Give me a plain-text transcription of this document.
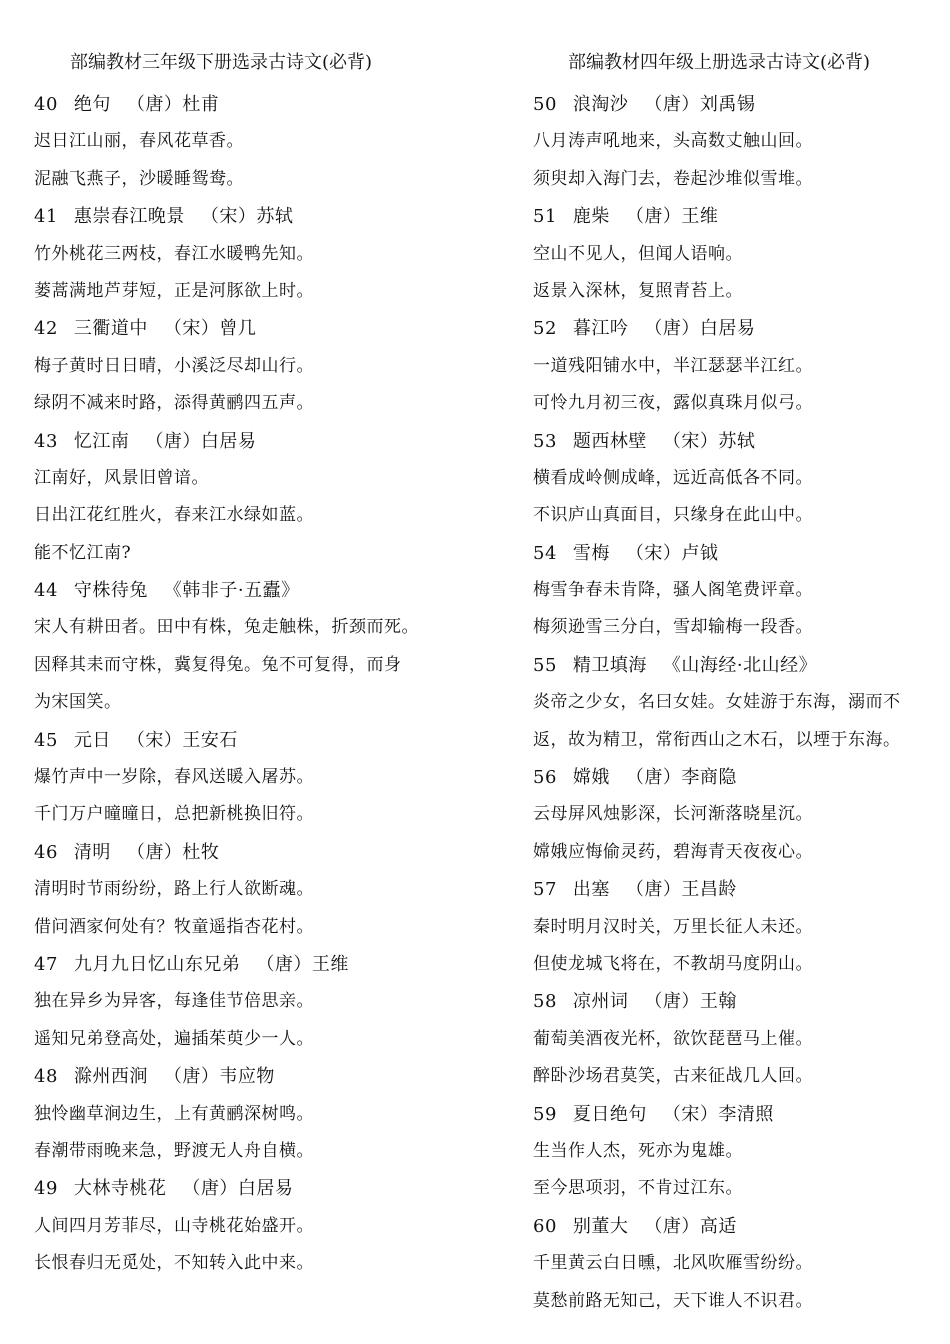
部编教材三年级下册选录古诗文(必背)
40 绝句 （唐）杜甫
迟日江山丽，春风花草香。
泥融飞燕子，沙暖睡鸳鸯。
41 惠崇春江晚景 （宋）苏轼
竹外桃花三两枝，春江水暖鸭先知。
蒌蒿满地芦芽短，正是河豚欲上时。
42 三衢道中 （宋）曾几
梅子黄时日日晴，小溪泛尽却山行。
绿阴不减来时路，添得黄鹂四五声。
43 忆江南 （唐）白居易
江南好，风景旧曾谙。
日出江花红胜火，春来江水绿如蓝。
能不忆江南?
44 守株待兔 《韩非子·五蠹》
宋人有耕田者。田中有株，兔走触株，折颈而死。
因释其耒而守株，冀复得兔。兔不可复得，而身
为宋国笑。
45 元日 （宋）王安石
爆竹声中一岁除，春风送暖入屠苏。
千门万户曈曈日，总把新桃换旧符。
46 清明 （唐）杜牧
清明时节雨纷纷，路上行人欲断魂。
借问酒家何处有？牧童遥指杏花村。
47 九月九日忆山东兄弟 （唐）王维
独在异乡为异客，每逢佳节倍思亲。
遥知兄弟登高处，遍插茱萸少一人。
48 滁州西涧 （唐）韦应物
独怜幽草涧边生，上有黄鹂深树鸣。
春潮带雨晚来急，野渡无人舟自横。
49 大林寺桃花 （唐）白居易
人间四月芳菲尽，山寺桃花始盛开。
长恨春归无觅处，不知转入此中来。
部编教材四年级上册选录古诗文(必背)
50 浪淘沙 （唐）刘禹锡
八月涛声吼地来，头高数丈触山回。
须臾却入海门去，卷起沙堆似雪堆。
51 鹿柴 （唐）王维
空山不见人，但闻人语响。
返景入深林，复照青苔上。
52 暮江吟 （唐）白居易
一道残阳铺水中，半江瑟瑟半江红。
可怜九月初三夜，露似真珠月似弓。
53 题西林壁 （宋）苏轼
横看成岭侧成峰，远近高低各不同。
不识庐山真面目，只缘身在此山中。
54 雪梅 （宋）卢钺
梅雪争春未肯降，骚人阁笔费评章。
梅须逊雪三分白，雪却输梅一段香。
55 精卫填海 《山海经·北山经》
炎帝之少女，名曰女娃。女娃游于东海，溺而不
返，故为精卫，常衔西山之木石，以堙于东海。
56 嫦娥 （唐）李商隐
云母屏风烛影深，长河渐落晓星沉。
嫦娥应悔偷灵药，碧海青天夜夜心。
57 出塞 （唐）王昌龄
秦时明月汉时关，万里长征人未还。
但使龙城飞将在，不教胡马度阴山。
58 凉州词 （唐）王翰
葡萄美酒夜光杯，欲饮琵琶马上催。
醉卧沙场君莫笑，古来征战几人回。
59 夏日绝句 （宋）李清照
生当作人杰，死亦为鬼雄。
至今思项羽，不肯过江东。
60 别董大 （唐）高适
千里黄云白日曛，北风吹雁雪纷纷。
莫愁前路无知己，天下谁人不识君。
